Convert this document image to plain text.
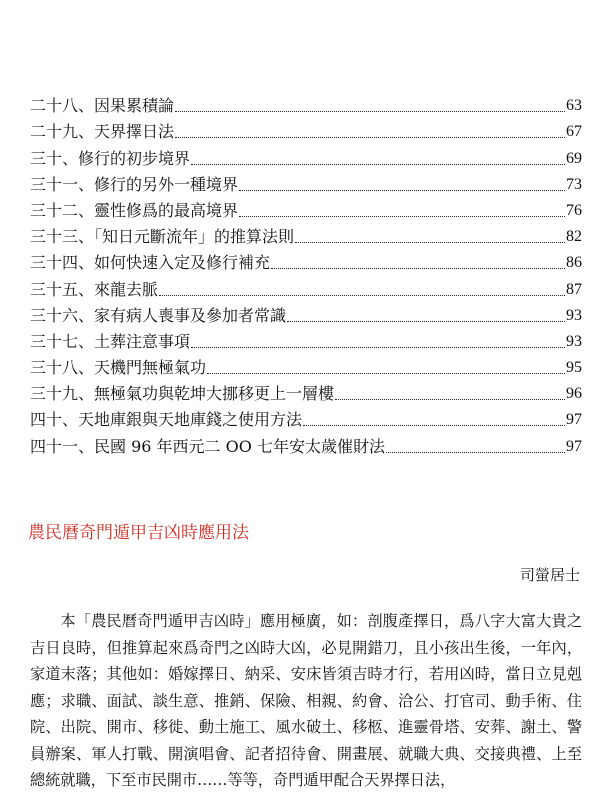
二十八、因果累積論	63
二十九、天界擇日法	67
三十、修行的初步境界	69
三十一、修行的另外一種境界	73
三十二、靈性修爲的最高境界	76
三十三、「知日元斷流年」的推算法則	82
三十四、如何快速入定及修行補充	86
三十五、來龍去脈	87
三十六、家有病人喪事及參加者常識	93
三十七、土葬注意事項	93
三十八、天機門無極氣功	95
三十九、無極氣功與乾坤大挪移更上一層樓	96
四十、天地庫銀與天地庫錢之使用方法	97
四十一、民國 96 年西元二 OO 七年安太歲催財法	97
農民曆奇門遁甲吉凶時應用法
司螢居士

本「農民曆奇門遁甲吉凶時」應用極廣，如：剖腹產擇日，爲八字大富大貴之吉日良時，但推算起來爲奇門之凶時大凶，必見開錯刀，且小孩出生後，一年內，家道末落；其他如：婚嫁擇日、納采、安床皆須吉時才行，若用凶時，當日立見剋應；求職、面試、談生意、推銷、保險、相親、約會、洽公、打官司、動手術、住院、出院、開市、移徙、動土施工、風水破土、移柩、進靈骨塔、安葬、謝土、警員辦案、軍人打戰、開演唱會、記者招待會、開畫展、就職大典、交接典禮、上至總統就職，下至市民開市……等等，奇門遁甲配合天界擇日法，
